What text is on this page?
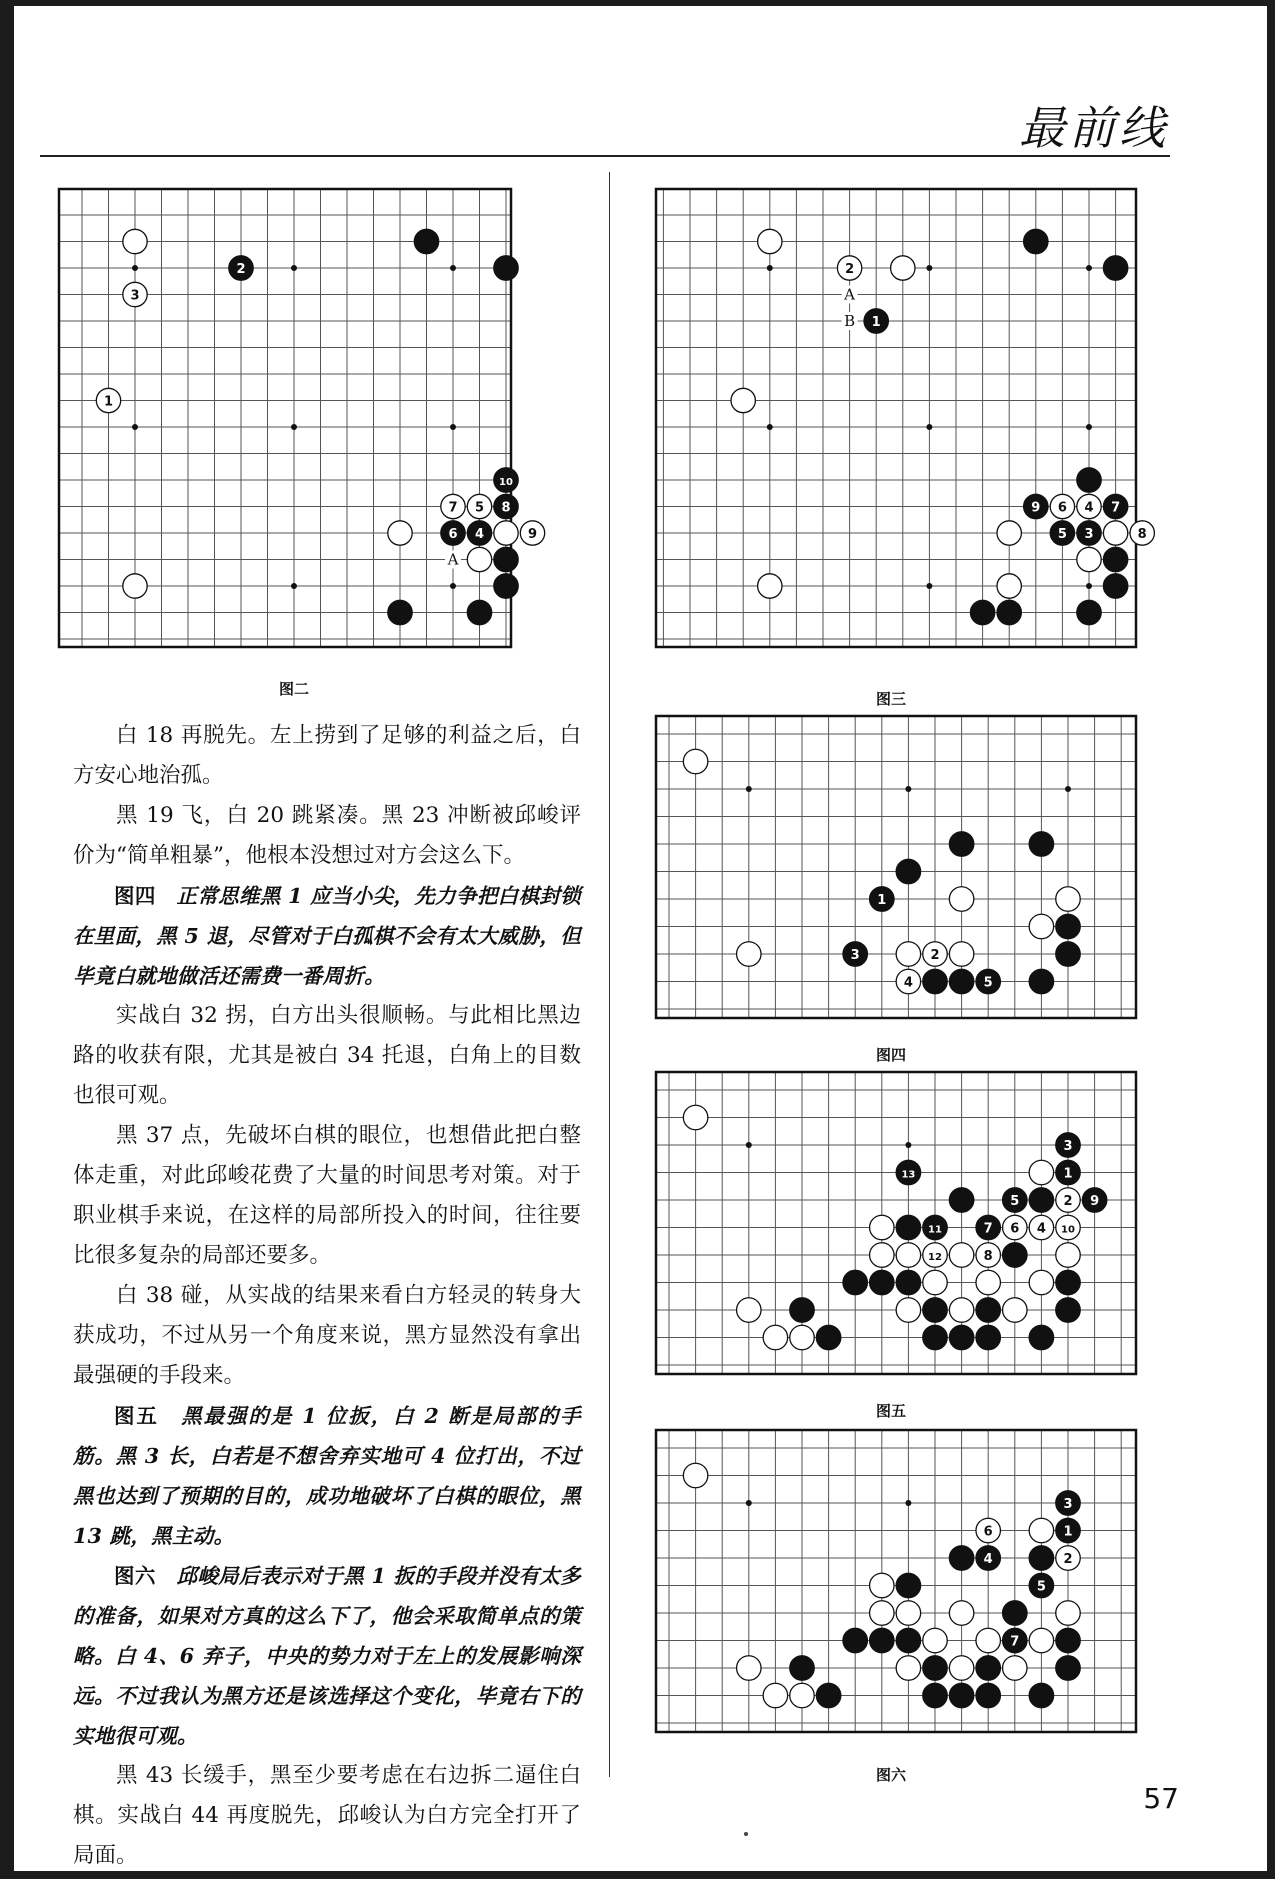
最前线
2
3
1
10
7 5 8
6 4	9
A
图二
2
1
9 6 4 7
5 3	8
A
B
图三
1
3	2
4	5
图四
3
13	1
5	2 9
11	7 6 4 10
12	8
图五
3
6	1
4	2
5
7
图六

白 18 再脱先。左上捞到了足够的利益之后，白方安心地治孤。

黑 19 飞，白 20 跳紧凑。黑 23 冲断被邱峻评价为“简单粗暴”，他根本没想过对方会这么下。

图四　 正常思维黑 1 应当小尖，先力争把白棋封锁在里面，黑 5 退，尽管对于白孤棋不会有太大威胁，但毕竟白就地做活还需费一番周折。

实战白 32 拐，白方出头很顺畅。与此相比黑边路的收获有限，尤其是被白 34 托退，白角上的目数也很可观。

黑 37 点，先破坏白棋的眼位，也想借此把白整体走重，对此邱峻花费了大量的时间思考对策。对于职业棋手来说，在这样的局部所投入的时间，往往要比很多复杂的局部还要多。

白 38 碰，从实战的结果来看白方轻灵的转身大获成功，不过从另一个角度来说，黑方显然没有拿出最强硬的手段来。

图五　 黑最强的是 1 位扳，白 2 断是局部的手筋。黑 3 长，白若是不想舍弃实地可 4 位打出，不过黑也达到了预期的目的，成功地破坏了白棋的眼位，黑 13 跳，黑主动。

图六　 邱峻局后表示对于黑 1 扳的手段并没有太多的准备，如果对方真的这么下了，他会采取简单点的策略。白 4、6 弃子，中央的势力对于左上的发展影响深远。不过我认为黑方还是该选择这个变化，毕竟右下的实地很可观。

黑 43 长缓手，黑至少要考虑在右边拆二逼住白棋。实战白 44 再度脱先，邱峻认为白方完全打开了局面。

57
